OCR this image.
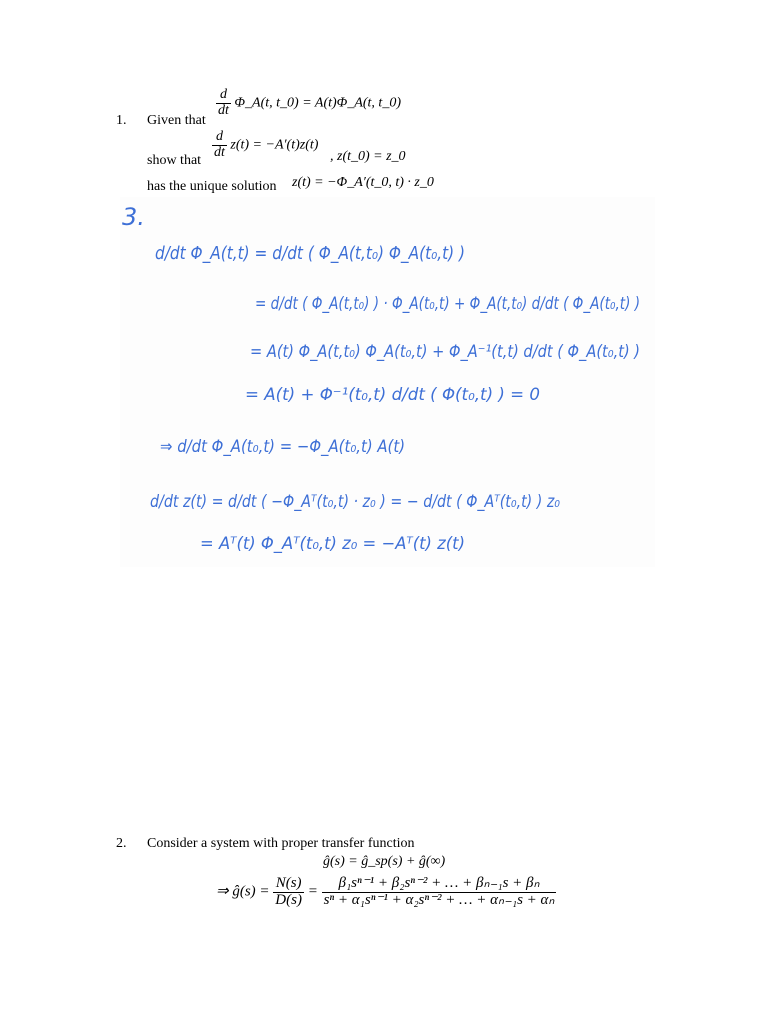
1. Given that
$\frac{d}{dt}$ Φ_A(t, t_0) = A(t)Φ_A(t, t_0)
show that
$\frac{d}{dt} z(t) = -A'(t)z(t)$
, z(t_0) = z_0
has the unique solution z(t) = −Φ_A′(t_0, t) · z_0
3.
d/dt Φ_A(t,t) = d/dt ( Φ_A(t,t₀) Φ_A(t₀,t) )
= d/dt ( Φ_A(t,t₀) ) · Φ_A(t₀,t) + Φ_A(t,t₀) d/dt ( Φ_A(t₀,t) )
= A(t) Φ_A(t,t₀) Φ_A(t₀,t) + Φ_A⁻¹(t,t) d/dt ( Φ_A(t₀,t) )
= A(t) + Φ⁻¹(t₀,t) d/dt ( Φ(t₀,t) ) = 0
⇒ d/dt Φ_A(t₀,t) = −Φ_A(t₀,t) A(t)
d/dt z(t) = d/dt ( −Φ_Aᵀ(t₀,t) · z₀ ) = − d/dt ( Φ_Aᵀ(t₀,t) ) z₀
= Aᵀ(t) Φ_Aᵀ(t₀,t) z₀ = −Aᵀ(t) z(t)
2. Consider a system with proper transfer function
ĝ(s) = ĝ_sp(s) + ĝ(∞)
⇒ ĝ(s) = $\frac{N(s)}{D(s)} = \frac{\text{β₁sⁿ⁻¹ + β₂sⁿ⁻² + … + βₙ₋₁s + βₙ}}{\text{sⁿ + α₁sⁿ⁻¹ + α₂sⁿ⁻² + … + αₙ₋₁s + αₙ}}$
